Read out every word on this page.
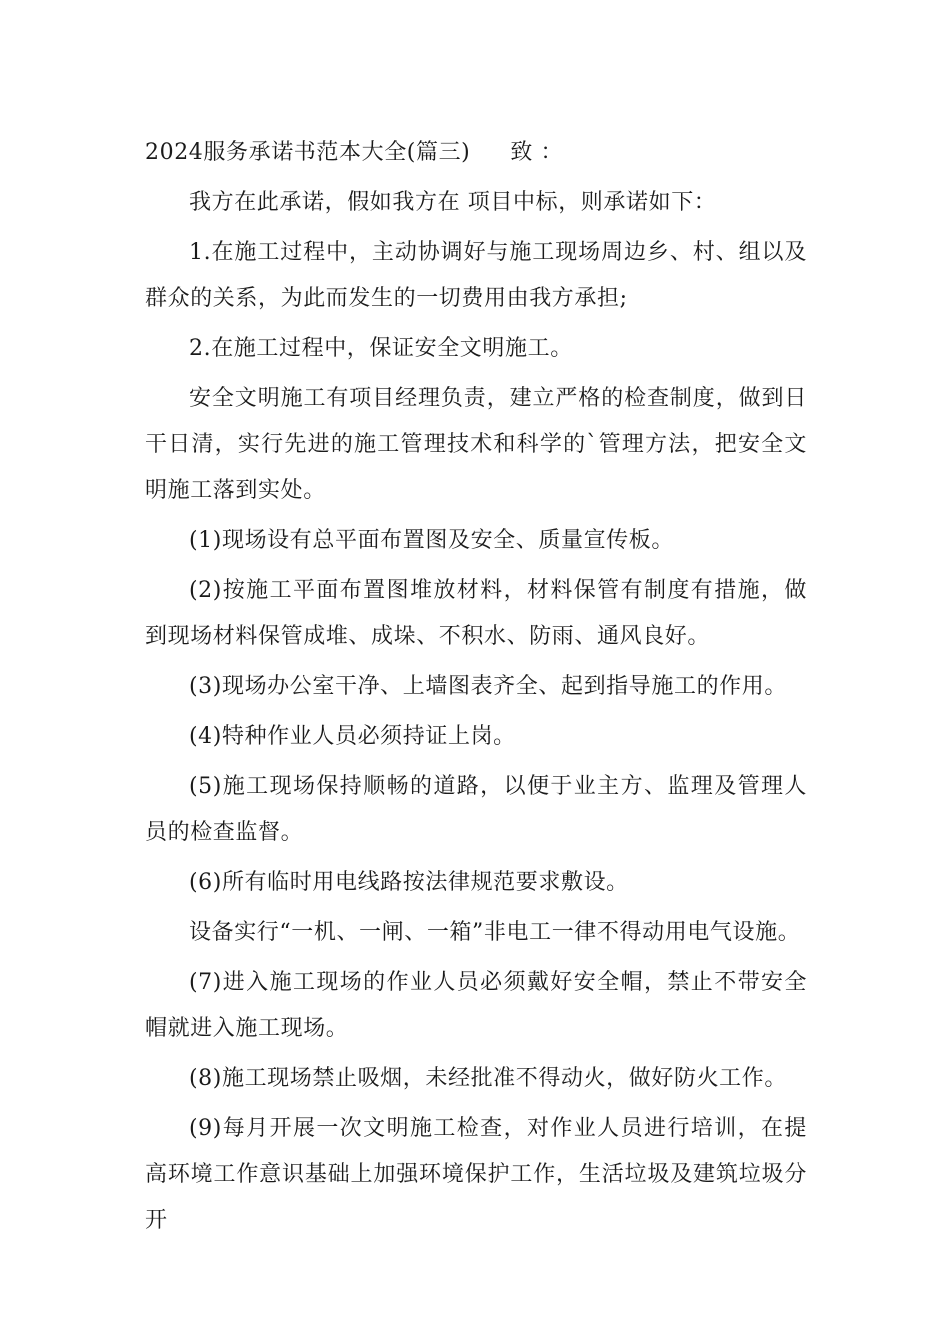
2024服务承诺书范本大全(篇三) 致 ：

我方在此承诺，假如我方在 项目中标，则承诺如下：

1.在施工过程中，主动协调好与施工现场周边乡、村、组以及群众的关系，为此而发生的一切费用由我方承担;

2.在施工过程中，保证安全文明施工。

安全文明施工有项目经理负责，建立严格的检查制度，做到日干日清，实行先进的施工管理技术和科学的`管理方法，把安全文明施工落到实处。

(1)现场设有总平面布置图及安全、质量宣传板。

(2)按施工平面布置图堆放材料，材料保管有制度有措施，做到现场材料保管成堆、成垛、不积水、防雨、通风良好。

(3)现场办公室干净、上墙图表齐全、起到指导施工的作用。

(4)特种作业人员必须持证上岗。

(5)施工现场保持顺畅的道路，以便于业主方、监理及管理人员的检查监督。

(6)所有临时用电线路按法律规范要求敷设。

设备实行“一机、一闸、一箱”非电工一律不得动用电气设施。

(7)进入施工现场的作业人员必须戴好安全帽，禁止不带安全帽就进入施工现场。

(8)施工现场禁止吸烟，未经批准不得动火，做好防火工作。

(9)每月开展一次文明施工检查，对作业人员进行培训，在提高环境工作意识基础上加强环境保护工作，生活垃圾及建筑垃圾分开
